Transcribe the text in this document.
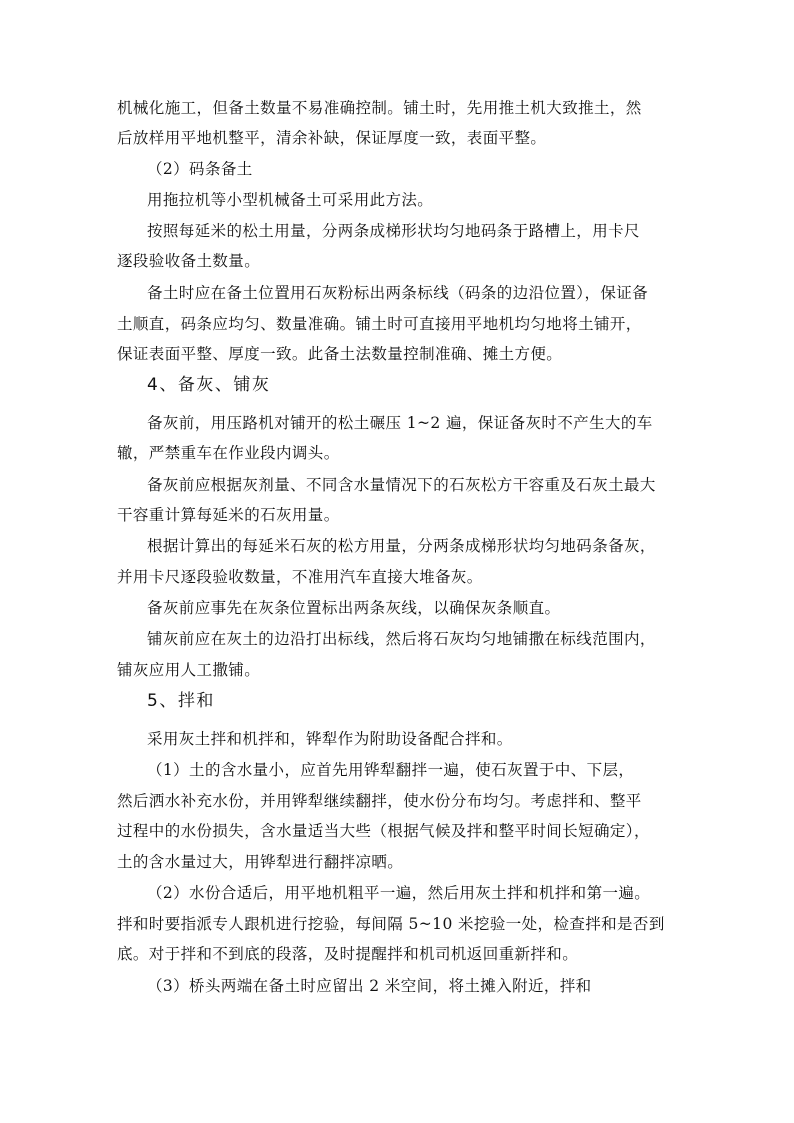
机械化施工，但备土数量不易准确控制。铺土时，先用推土机大致推土，然
后放样用平地机整平，清余补缺，保证厚度一致，表面平整。
（2）码条备土
用拖拉机等小型机械备土可采用此方法。
按照每延米的松土用量，分两条成梯形状均匀地码条于路槽上，用卡尺
逐段验收备土数量。
备土时应在备土位置用石灰粉标出两条标线（码条的边沿位置），保证备
土顺直，码条应均匀、数量准确。铺土时可直接用平地机均匀地将土铺开，
保证表面平整、厚度一致。此备土法数量控制准确、摊土方便。
4、备灰、铺灰
备灰前，用压路机对铺开的松土碾压 1~2 遍，保证备灰时不产生大的车
辙，严禁重车在作业段内调头。
备灰前应根据灰剂量、不同含水量情况下的石灰松方干容重及石灰土最大
干容重计算每延米的石灰用量。
根据计算出的每延米石灰的松方用量，分两条成梯形状均匀地码条备灰，
并用卡尺逐段验收数量，不准用汽车直接大堆备灰。
备灰前应事先在灰条位置标出两条灰线，以确保灰条顺直。
铺灰前应在灰土的边沿打出标线，然后将石灰均匀地铺撒在标线范围内，
铺灰应用人工撒铺。
5、拌和
采用灰土拌和机拌和，铧犁作为附助设备配合拌和。
（1）土的含水量小，应首先用铧犁翻拌一遍，使石灰置于中、下层，
然后洒水补充水份，并用铧犁继续翻拌，使水份分布均匀。考虑拌和、整平
过程中的水份损失，含水量适当大些（根据气候及拌和整平时间长短确定），
土的含水量过大，用铧犁进行翻拌凉晒。
（2）水份合适后，用平地机粗平一遍，然后用灰土拌和机拌和第一遍。
拌和时要指派专人跟机进行挖验，每间隔 5~10 米挖验一处，检查拌和是否到
底。对于拌和不到底的段落，及时提醒拌和机司机返回重新拌和。
（3）桥头两端在备土时应留出 2 米空间，将土摊入附近，拌和
